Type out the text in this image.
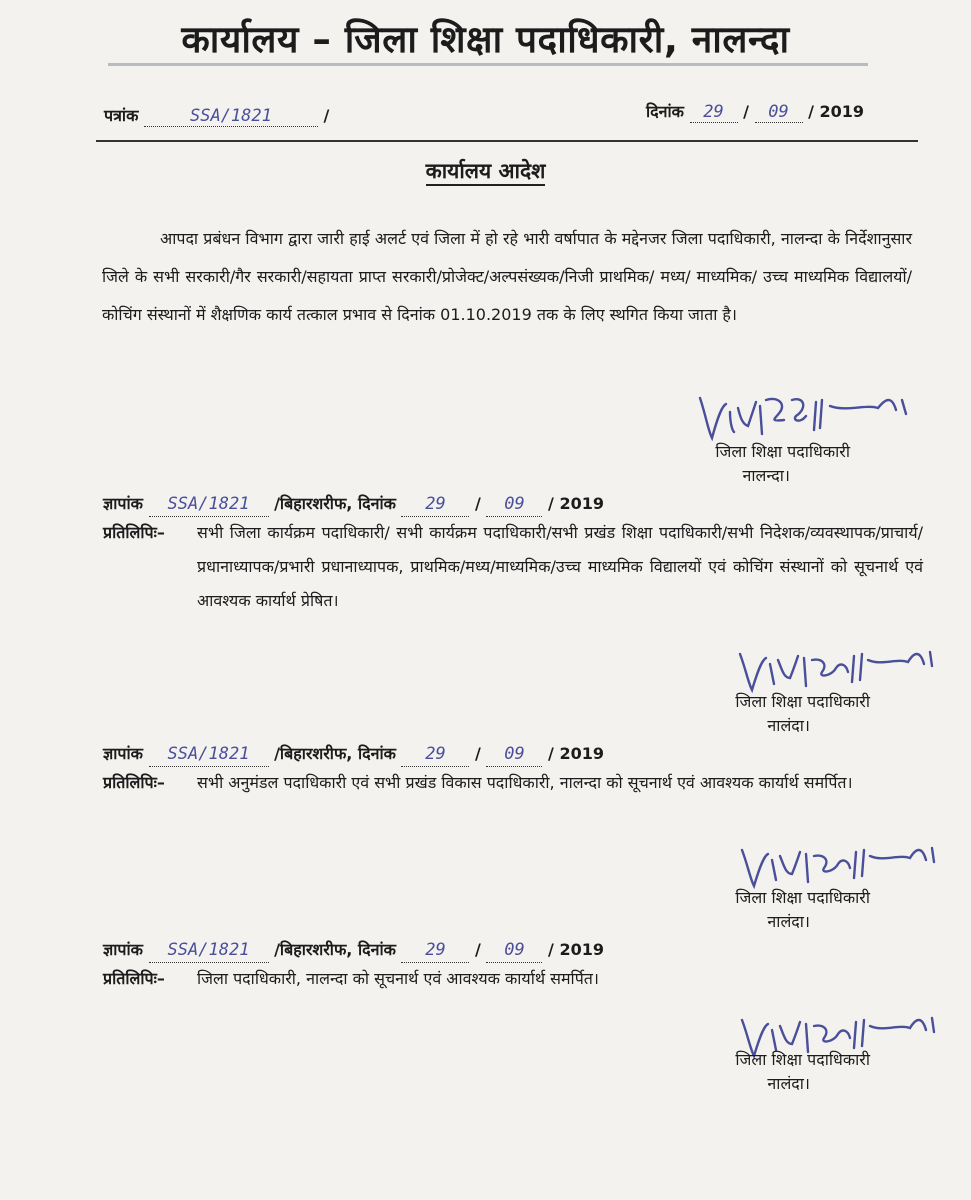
कार्यालय – जिला शिक्षा पदाधिकारी, नालन्दा
पत्रांक	SSA/1821	/	दिनांक 29 / 09 / 2019
कार्यालय आदेश
आपदा प्रबंधन विभाग द्वारा जारी हाई अलर्ट एवं जिला में हो रहे भारी वर्षापात के मद्देनजर जिला पदाधिकारी, नालन्दा के निर्देशानुसार जिले के सभी सरकारी/गैर सरकारी/सहायता प्राप्त सरकारी/प्रोजेक्ट/अल्पसंख्यक/निजी प्राथमिक/ मध्य/ माध्यमिक/ उच्च माध्यमिक विद्यालयों/ कोचिंग संस्थानों में शैक्षणिक कार्य तत्काल प्रभाव से दिनांक 01.10.2019 तक के लिए स्थगित किया जाता है।
जिला शिक्षा पदाधिकारी
नालन्दा।
ज्ञापांक SSA/1821 /बिहारशरीफ, दिनांक 29 / 09 / 2019
प्रतिलिपिः–	सभी जिला कार्यक्रम पदाधिकारी/ सभी कार्यक्रम पदाधिकारी/सभी प्रखंड शिक्षा पदाधिकारी/सभी निदेशक/व्यवस्थापक/प्राचार्य/प्रधानाध्यापक/प्रभारी प्रधानाध्यापक, प्राथमिक/मध्य/माध्यमिक/उच्च माध्यमिक विद्यालयों एवं कोचिंग संस्थानों को सूचनार्थ एवं आवश्यक कार्यार्थ प्रेषित।
जिला शिक्षा पदाधिकारी
नालंदा।
ज्ञापांक SSA/1821 /बिहारशरीफ, दिनांक 29 / 09 / 2019
प्रतिलिपिः–	सभी अनुमंडल पदाधिकारी एवं सभी प्रखंड विकास पदाधिकारी, नालन्दा को सूचनार्थ एवं आवश्यक कार्यार्थ समर्पित।
जिला शिक्षा पदाधिकारी
नालंदा।
ज्ञापांक SSA/1821 /बिहारशरीफ, दिनांक 29 / 09 / 2019
प्रतिलिपिः–	जिला पदाधिकारी, नालन्दा को सूचनार्थ एवं आवश्यक कार्यार्थ समर्पित।
जिला शिक्षा पदाधिकारी
नालंदा।
